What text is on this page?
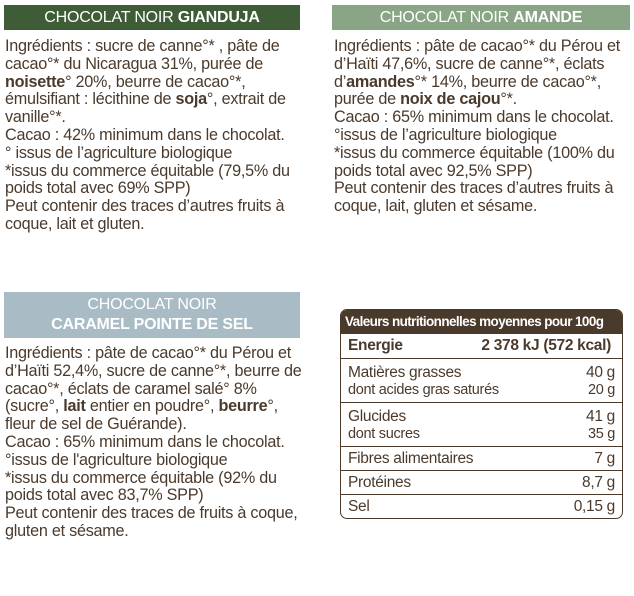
CHOCOLAT NOIR GIANDUJA

Ingrédients : sucre de canne°* , pâte de cacao°* du Nicaragua 31%, purée de noisette° 20%, beurre de cacao°*, émulsifiant : lécithine de soja°, extrait de vanille°*.

Cacao : 42% minimum dans le chocolat.

° issus de l’agriculture biologique

*issus du commerce équitable (79,5% du poids total avec 69% SPP)

Peut contenir des traces d’autres fruits à coque, lait et gluten.

CHOCOLAT NOIR AMANDE

Ingrédients : pâte de cacao°* du Pérou et d’Haïti 47,6%, sucre de canne°*, éclats d’amandes°* 14%, beurre de cacao°*, purée de noix de cajou°*.

Cacao : 65% minimum dans le chocolat.

°issus de l’agriculture biologique

*issus du commerce équitable (100% du poids total avec 92,5% SPP)

Peut contenir des traces d’autres fruits à coque, lait, gluten et sésame.

CHOCOLAT NOIR
CARAMEL POINTE DE SEL

Ingrédients : pâte de cacao°* du Pérou et d’Haïti 52,4%, sucre de canne°*, beurre de cacao°*, éclats de caramel salé° 8% (sucre°, lait entier en poudre°, beurre°, fleur de sel de Guérande).

Cacao : 65% minimum dans le chocolat.

°issus de l'agriculture biologique

*issus du commerce équitable (92% du poids total avec 83,7% SPP)

Peut contenir des traces de fruits à coque, gluten et sésame.

Valeurs nutritionnelles moyennes pour 100g
Energie	2 378 kJ (572 kcal)
Matières grasses	40 g
dont acides gras saturés	20 g
Glucides	41 g
dont sucres	35 g
Fibres alimentaires	7 g
Protéines	8,7 g
Sel	0,15 g
